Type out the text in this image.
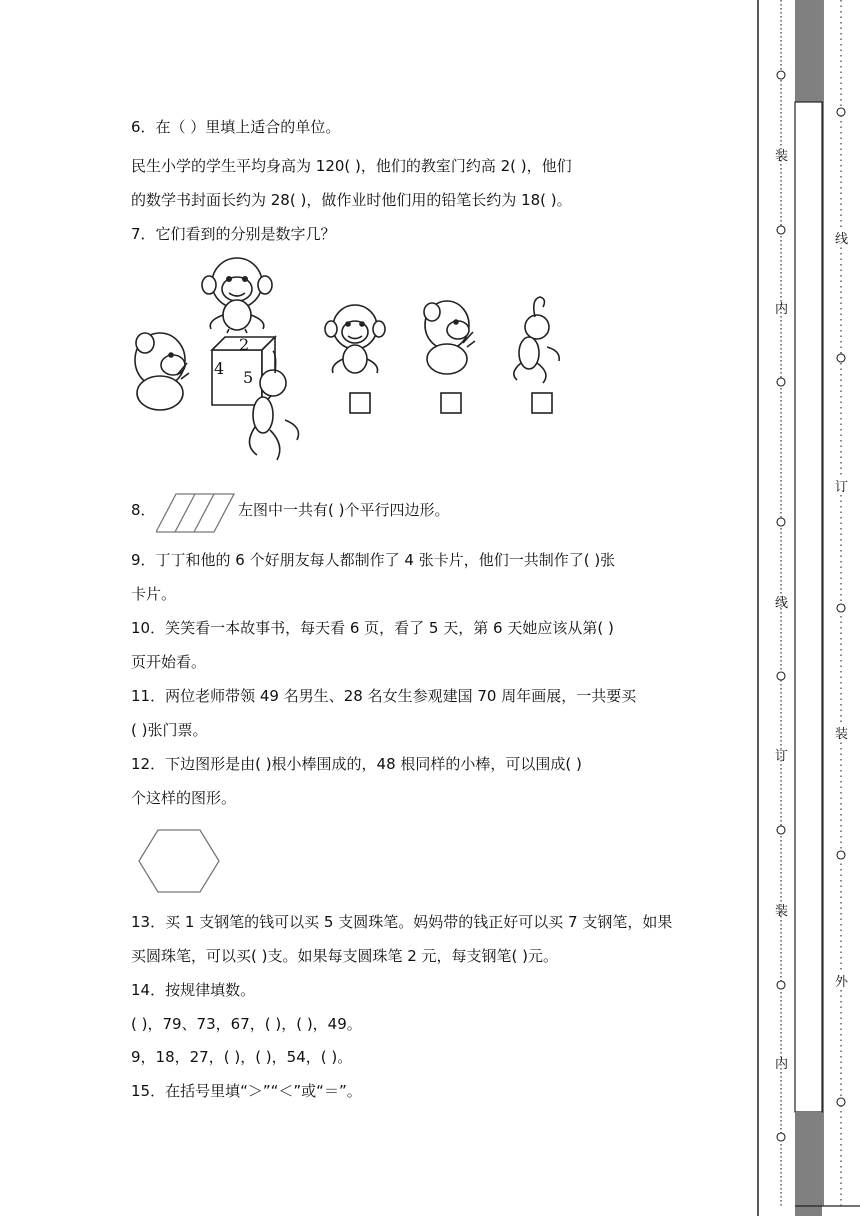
6．在（ ）里填上适合的单位。
民生小学的学生平均身高为 120( )，他们的教室门约高 2( )，他们
的数学书封面长约为 28( )，做作业时他们用的铅笔长约为 18( )。
7．它们看到的分别是数字几？
2
4 5
8．	左图中一共有( )个平行四边形。
9．丁丁和他的 6 个好朋友每人都制作了 4 张卡片，他们一共制作了( )张
卡片。
10．笑笑看一本故事书，每天看 6 页，看了 5 天，第 6 天她应该从第( )
页开始看。
11．两位老师带领 49 名男生、28 名女生参观建国 70 周年画展，一共要买
( )张门票。
12．下边图形是由( )根小棒围成的，48 根同样的小棒，可以围成( )
个这样的图形。
13．买 1 支钢笔的钱可以买 5 支圆珠笔。妈妈带的钱正好可以买 7 支钢笔，如果
买圆珠笔，可以买( )支。如果每支圆珠笔 2 元，每支钢笔( )元。
14．按规律填数。
( )，79、73，67，( )，( )，49。
9，18，27，( )，( )，54，( )。
15．在括号里填“＞”“＜”或“＝”。
装
内
线
订
装
内
线
订
装
外
